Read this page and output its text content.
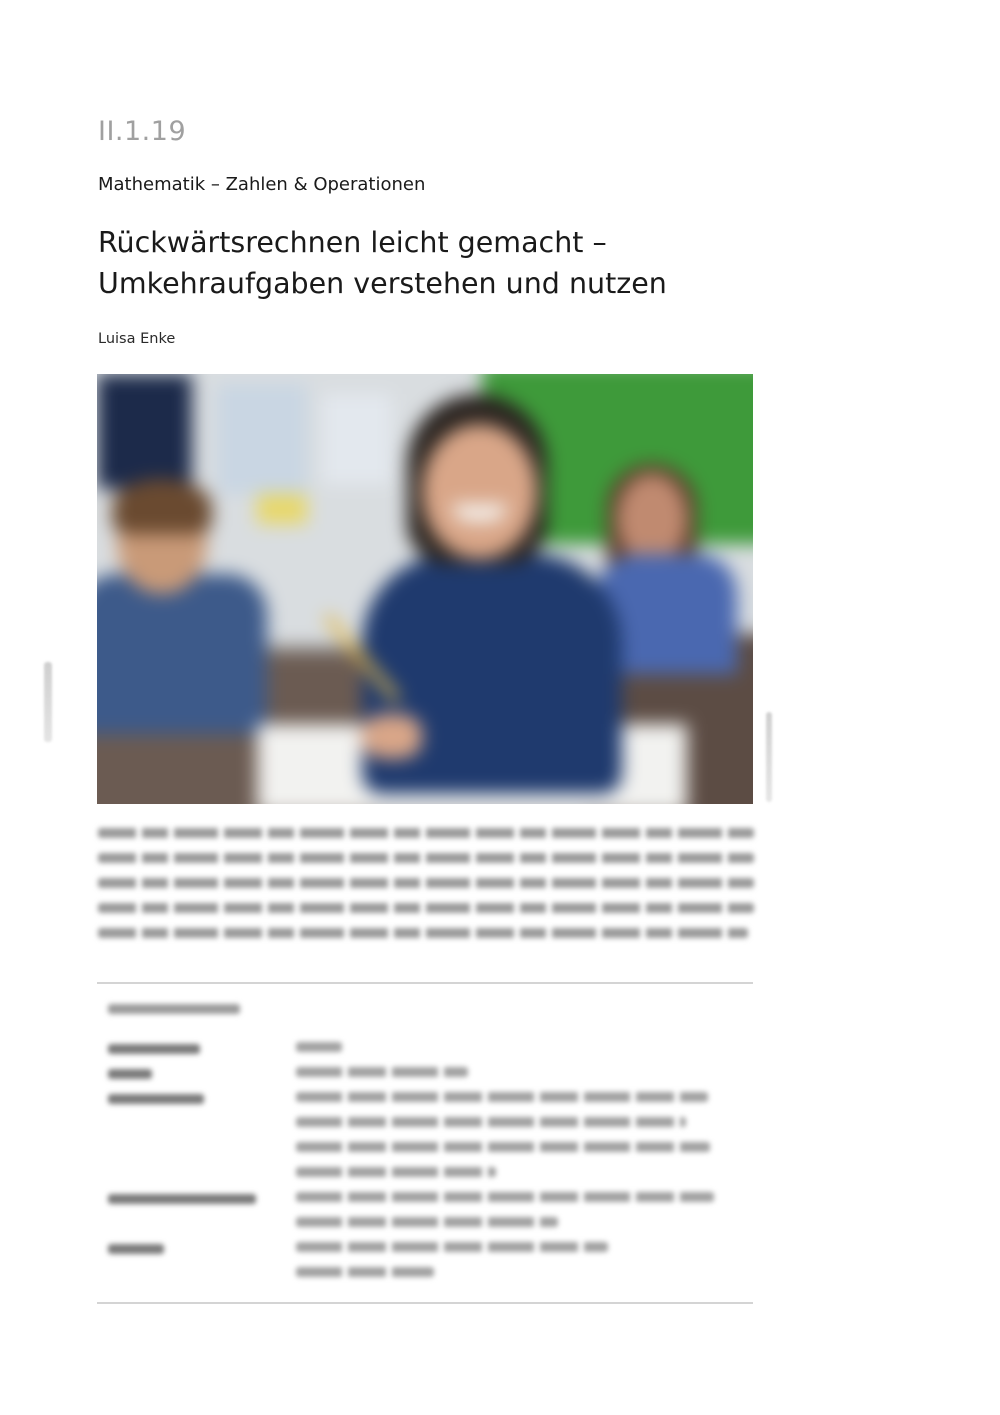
II.1.19
Mathematik – Zahlen & Operationen
Rückwärtsrechnen leicht gemacht –
Umkehraufgaben verstehen und nutzen
Luisa Enke
